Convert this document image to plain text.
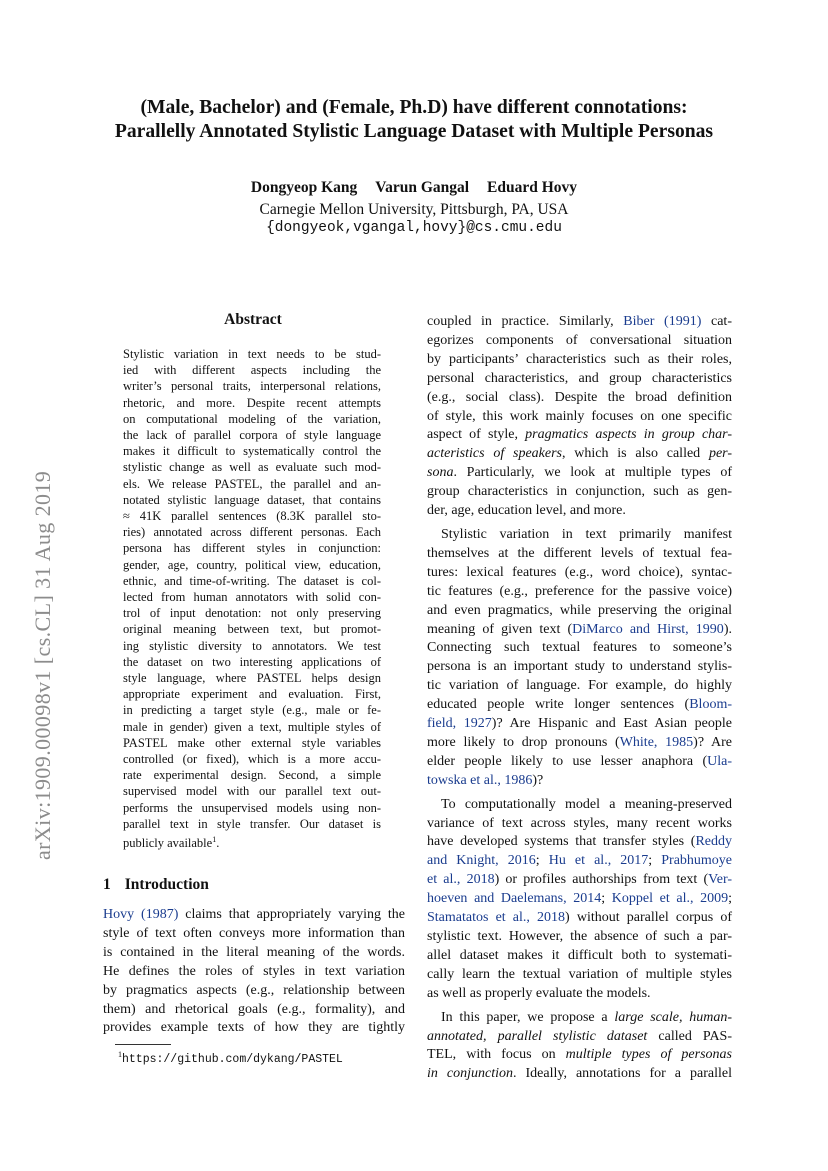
arXiv:1909.00098v1 [cs.CL] 31 Aug 2019
(Male, Bachelor) and (Female, Ph.D) have different connotations:
Parallelly Annotated Stylistic Language Dataset with Multiple Personas
Dongyeop Kang Varun Gangal Eduard Hovy
Carnegie Mellon University, Pittsburgh, PA, USA
{dongyeok,vgangal,hovy}@cs.cmu.edu
Abstract
Stylistic variation in text needs to be stud-
ied with different aspects including the
writer’s personal traits, interpersonal relations,
rhetoric, and more. Despite recent attempts
on computational modeling of the variation,
the lack of parallel corpora of style language
makes it difficult to systematically control the
stylistic change as well as evaluate such mod-
els. We release PASTEL, the parallel and an-
notated stylistic language dataset, that contains
≈ 41K parallel sentences (8.3K parallel sto-
ries) annotated across different personas. Each
persona has different styles in conjunction:
gender, age, country, political view, education,
ethnic, and time-of-writing. The dataset is col-
lected from human annotators with solid con-
trol of input denotation: not only preserving
original meaning between text, but promot-
ing stylistic diversity to annotators. We test
the dataset on two interesting applications of
style language, where PASTEL helps design
appropriate experiment and evaluation. First,
in predicting a target style (e.g., male or fe-
male in gender) given a text, multiple styles of
PASTEL make other external style variables
controlled (or fixed), which is a more accu-
rate experimental design. Second, a simple
supervised model with our parallel text out-
performs the unsupervised models using non-
parallel text in style transfer. Our dataset is
publicly available$^1$.
1 Introduction
Hovy (1987) claims that appropriately varying the
style of text often conveys more information than
is contained in the literal meaning of the words.
He defines the roles of styles in text variation
by pragmatics aspects (e.g., relationship between
them) and rhetorical goals (e.g., formality), and
provides example texts of how they are tightly
$^1$https://github.com/dykang/PASTEL
coupled in practice. Similarly, Biber (1991) cat-
egorizes components of conversational situation
by participants’ characteristics such as their roles,
personal characteristics, and group characteristics
(e.g., social class). Despite the broad definition
of style, this work mainly focuses on one specific
aspect of style, pragmatics aspects in group char-
acteristics of speakers, which is also called per-
sona. Particularly, we look at multiple types of
group characteristics in conjunction, such as gen-
der, age, education level, and more.
Stylistic variation in text primarily manifest
themselves at the different levels of textual fea-
tures: lexical features (e.g., word choice), syntac-
tic features (e.g., preference for the passive voice)
and even pragmatics, while preserving the original
meaning of given text (DiMarco and Hirst, 1990).
Connecting such textual features to someone’s
persona is an important study to understand stylis-
tic variation of language. For example, do highly
educated people write longer sentences (Bloom-
field, 1927)? Are Hispanic and East Asian people
more likely to drop pronouns (White, 1985)? Are
elder people likely to use lesser anaphora (Ula-
towska et al., 1986)?
To computationally model a meaning-preserved
variance of text across styles, many recent works
have developed systems that transfer styles (Reddy
and Knight, 2016; Hu et al., 2017; Prabhumoye
et al., 2018) or profiles authorships from text (Ver-
hoeven and Daelemans, 2014; Koppel et al., 2009;
Stamatatos et al., 2018) without parallel corpus of
stylistic text. However, the absence of such a par-
allel dataset makes it difficult both to systemati-
cally learn the textual variation of multiple styles
as well as properly evaluate the models.
In this paper, we propose a large scale, human-
annotated, parallel stylistic dataset called PAS-
TEL, with focus on multiple types of personas
in conjunction. Ideally, annotations for a parallel
